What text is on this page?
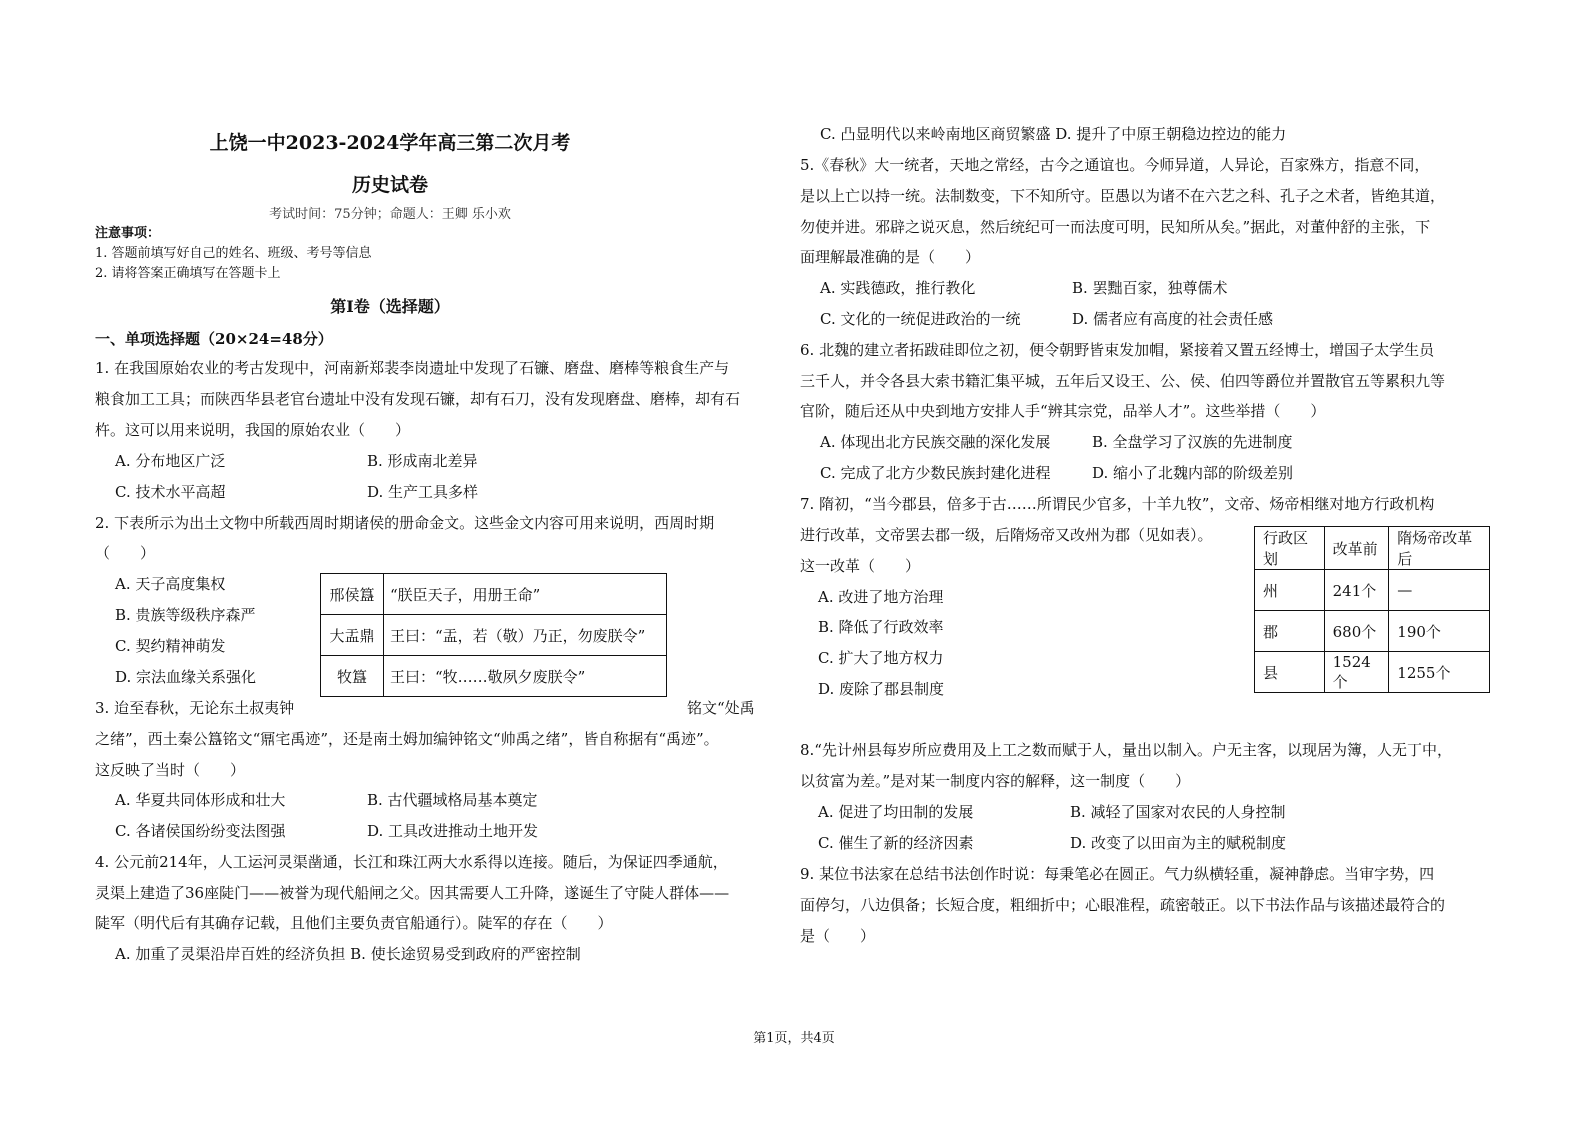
上饶一中2023-2024学年高三第二次月考
历史试卷
考试时间：75分钟；命题人：王卿 乐小欢
注意事项：
1. 答题前填写好自己的姓名、班级、考号等信息
2. 请将答案正确填写在答题卡上
第Ⅰ卷（选择题）
一、单项选择题（20×24=48分）
1. 在我国原始农业的考古发现中，河南新郑裴李岗遗址中发现了石镰、磨盘、磨棒等粮食生产与
粮食加工工具；而陕西华县老官台遗址中没有发现石镰，却有石刀，没有发现磨盘、磨棒，却有石
杵。这可以用来说明，我国的原始农业（　　）
A. 分布地区广泛	B. 形成南北差异
C. 技术水平高超	D. 生产工具多样
2. 下表所示为出土文物中所载西周时期诸侯的册命金文。这些金文内容可用来说明，西周时期
（　　）
A. 天子高度集权
B. 贵族等级秩序森严
C. 契约精神萌发
D. 宗法血缘关系强化
邢侯簋	“朕臣天子，用册王命”
大盂鼎	王曰：“盂，若（敬）乃正，勿废朕令”
牧簋	王曰：“牧……敬夙夕废朕令”
3. 迨至春秋，无论东土叔夷钟	铭文“处禹
之绪”，西土秦公簋铭文“鼏宅禹迹”，还是南土姆加编钟铭文“帅禹之绪”，皆自称据有“禹迹”。
这反映了当时（　　）
A. 华夏共同体形成和壮大	B. 古代疆域格局基本奠定
C. 各诸侯国纷纷变法图强	D. 工具改进推动土地开发
4. 公元前214年，人工运河灵渠凿通，长江和珠江两大水系得以连接。随后，为保证四季通航，
灵渠上建造了36座陡门——被誉为现代船闸之父。因其需要人工升降，遂诞生了守陡人群体——
陡军（明代后有其确存记载，且他们主要负责官船通行）。陡军的存在（　　）
A. 加重了灵渠沿岸百姓的经济负担 B. 使长途贸易受到政府的严密控制
C. 凸显明代以来岭南地区商贸繁盛 D. 提升了中原王朝稳边控边的能力
5.《春秋》大一统者，天地之常经，古今之通谊也。今师异道，人异论，百家殊方，指意不同，
是以上亡以持一统。法制数变，下不知所守。臣愚以为诸不在六艺之科、孔子之术者，皆绝其道，
勿使并进。邪辟之说灭息，然后统纪可一而法度可明，民知所从矣。”据此，对董仲舒的主张，下
面理解最准确的是（　　）
A. 实践德政，推行教化	B. 罢黜百家，独尊儒术
C. 文化的一统促进政治的一统	D. 儒者应有高度的社会责任感
6. 北魏的建立者拓跋硅即位之初，便令朝野皆束发加帽，紧接着又置五经博士，增国子太学生员
三千人，并令各县大索书籍汇集平城，五年后又设王、公、侯、伯四等爵位并置散官五等累积九等
官阶，随后还从中央到地方安排人手“辨其宗党，品举人才”。这些举措（　　）
A. 体现出北方民族交融的深化发展	B. 全盘学习了汉族的先进制度
C. 完成了北方少数民族封建化进程	D. 缩小了北魏内部的阶级差别
7. 隋初，“当今郡县，倍多于古……所谓民少官多，十羊九牧”，文帝、炀帝相继对地方行政机构
进行改革，文帝罢去郡一级，后隋炀帝又改州为郡（见如表）。
这一改革（　　）
A. 改进了地方治理
B. 降低了行政效率
C. 扩大了地方权力
D. 废除了郡县制度
行政区划	改革前	隋炀帝改革后
州	241个	—
郡	680个	190个
县	1524个	1255个
8.“先计州县每岁所应费用及上工之数而赋于人，量出以制入。户无主客，以现居为簿，人无丁中，
以贫富为差。”是对某一制度内容的解释，这一制度（　　）
A. 促进了均田制的发展	B. 减轻了国家对农民的人身控制
C. 催生了新的经济因素	D. 改变了以田亩为主的赋税制度
9. 某位书法家在总结书法创作时说：每秉笔必在圆正。气力纵横轻重，凝神静虑。当审字势，四
面停匀，八边俱备；长短合度，粗细折中；心眼准程，疏密攲正。以下书法作品与该描述最符合的
是（　　）
第1页，共4页
